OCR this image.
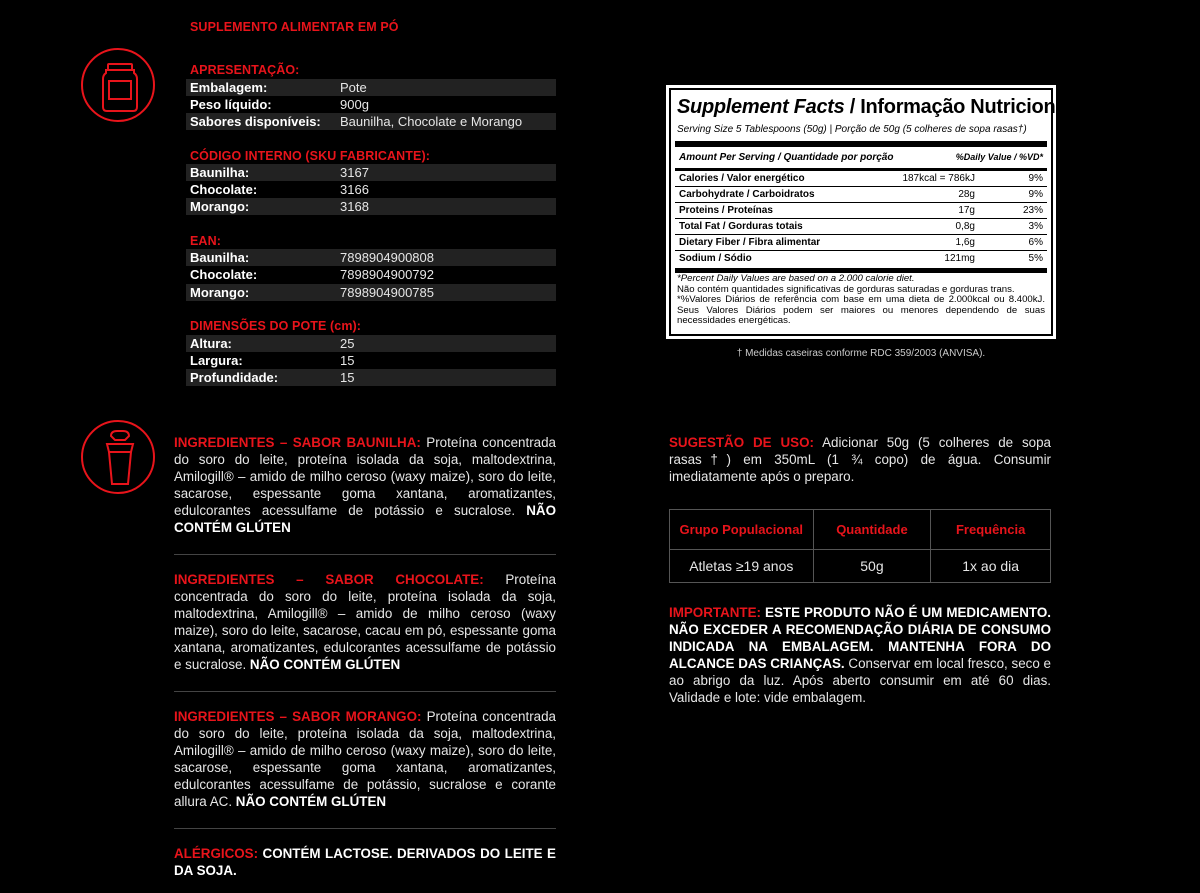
SUPLEMENTO ALIMENTAR EM PÓ
APRESENTAÇÃO:
Embalagem:	Pote
Peso líquido:	900g
Sabores disponíveis: Baunilha, Chocolate e Morango
CÓDIGO INTERNO (SKU FABRICANTE):
Baunilha:	3167
Chocolate:	3166
Morango:	3168
EAN:
Baunilha:	7898904900808
Chocolate:	7898904900792
Morango:	7898904900785
DIMENSÕES DO POTE (cm):
Altura:	25
Largura:	15
Profundidade:	15
INGREDIENTES – SABOR BAUNILHA: Proteína concentrada do soro do leite, proteína isolada da soja, maltodextrina, Amilogill® – amido de milho ceroso (waxy maize), soro do leite, sacarose, espessante goma xantana, aromatizantes, edulcorantes acessulfame de potássio e sucralose. NÃO CONTÉM GLÚTEN
INGREDIENTES – SABOR CHOCOLATE: Proteína concentrada do soro do leite, proteína isolada da soja, maltodextrina, Amilogill® – amido de milho ceroso (waxy maize), soro do leite, sacarose, cacau em pó, espessante goma xantana, aromatizantes, edulcorantes acessulfame de potássio e sucralose. NÃO CONTÉM GLÚTEN
INGREDIENTES – SABOR MORANGO: Proteína concentrada do soro do leite, proteína isolada da soja, maltodextrina, Amilogill® – amido de milho ceroso (waxy maize), soro do leite, sacarose, espessante goma xantana, aromatizantes, edulcorantes acessulfame de potássio, sucralose e corante allura AC. NÃO CONTÉM GLÚTEN
ALÉRGICOS: CONTÉM LACTOSE. DERIVADOS DO LEITE E DA SOJA.
Supplement Facts / Informação Nutricional
Serving Size 5 Tablespoons (50g) | Porção de 50g (5 colheres de sopa rasas†)
Amount Per Serving / Quantidade por porção	%Daily Value / %VD*
Calories / Valor energético	187kcal = 786kJ	9%
Carbohydrate / Carboidratos	28g	9%
Proteins / Proteínas	17g	23%
Total Fat / Gorduras totais	0,8g	3%
Dietary Fiber / Fibra alimentar	1,6g	6%
Sodium / Sódio	121mg	5%
*Percent Daily Values are based on a 2.000 calorie diet.
Não contém quantidades significativas de gorduras saturadas e gorduras trans.
*%Valores Diários de referência com base em uma dieta de 2.000kcal ou 8.400kJ. Seus Valores Diários podem ser maiores ou menores dependendo de suas necessidades energéticas.
† Medidas caseiras conforme RDC 359/2003 (ANVISA).
SUGESTÃO DE USO: Adicionar 50g (5 colheres de sopa rasas†) em 350mL (1 ¾ copo) de água. Consumir imediatamente após o preparo.
Grupo Populacional	Quantidade	Frequência
Atletas ≥19 anos	50g	1x ao dia
IMPORTANTE: ESTE PRODUTO NÃO É UM MEDICAMENTO. NÃO EXCEDER A RECOMENDAÇÃO DIÁRIA DE CONSUMO INDICADA NA EMBALAGEM. MANTENHA FORA DO ALCANCE DAS CRIANÇAS. Conservar em local fresco, seco e ao abrigo da luz. Após aberto consumir em até 60 dias. Validade e lote: vide embalagem.
